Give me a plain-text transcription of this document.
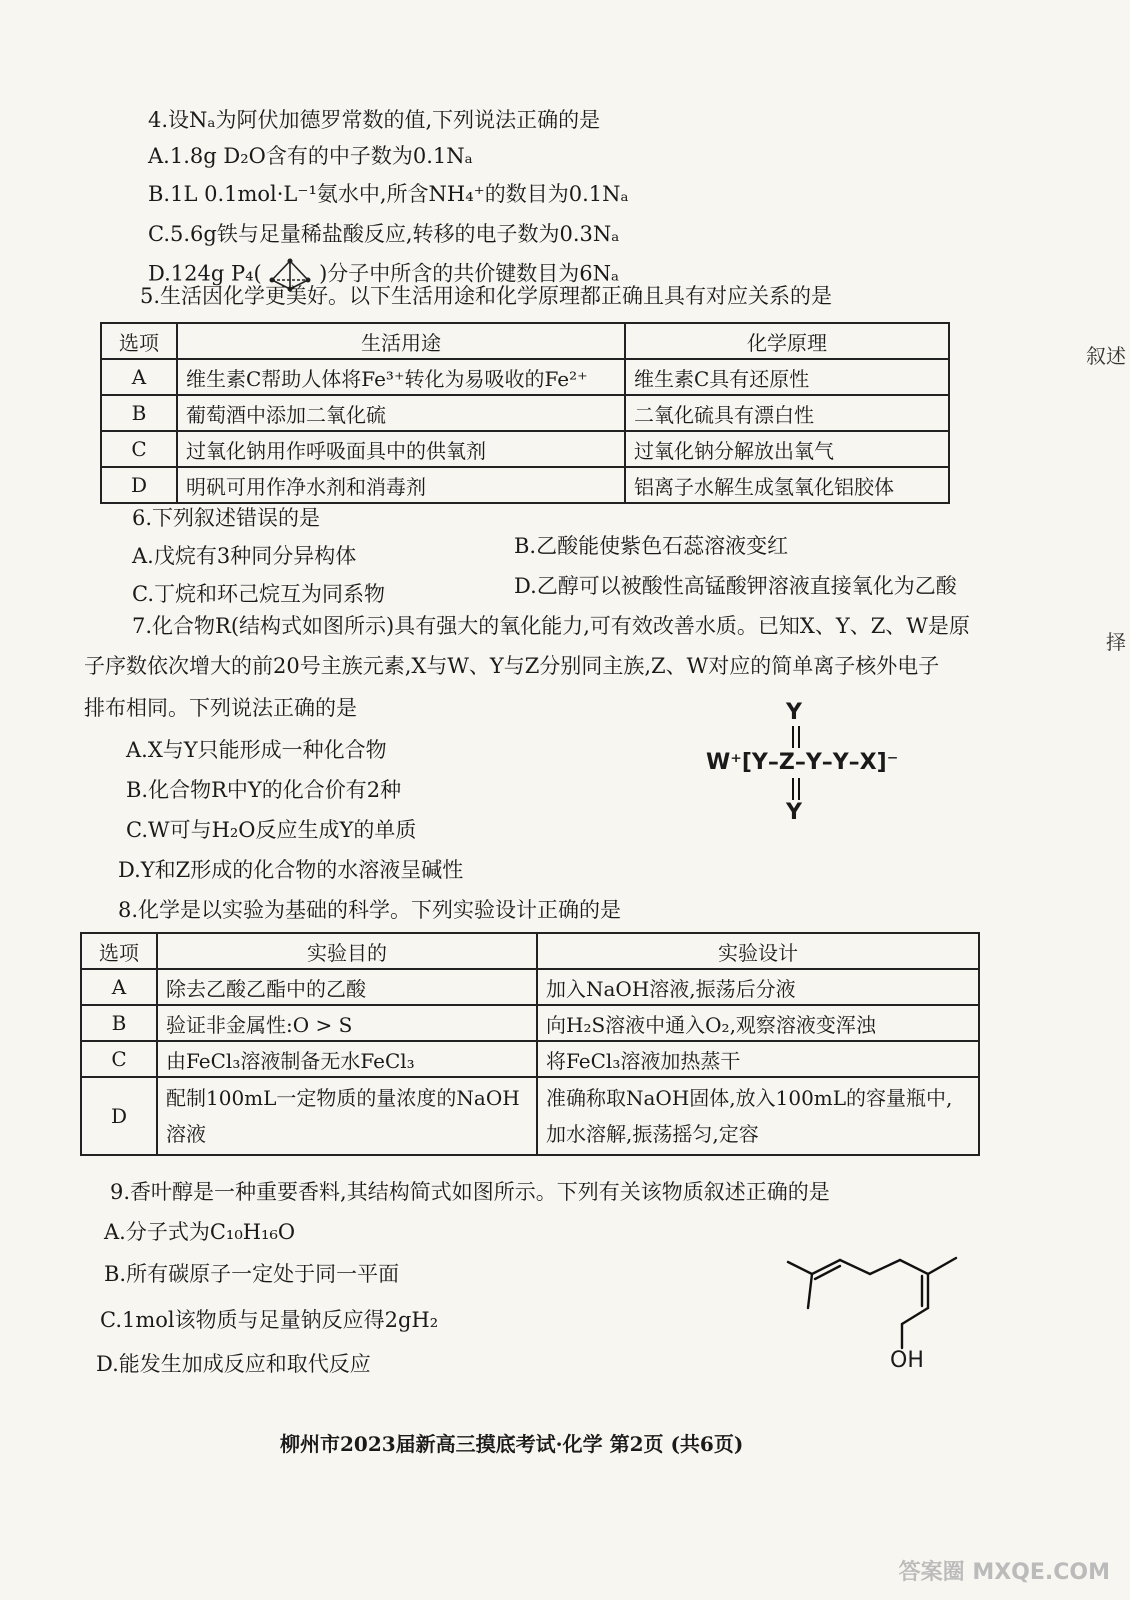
4.设Nₐ为阿伏加德罗常数的值,下列说法正确的是
A.1.8g D₂O含有的中子数为0.1Nₐ
B.1L 0.1mol·L⁻¹氨水中,所含NH₄⁺的数目为0.1Nₐ
C.5.6g铁与足量稀盐酸反应,转移的电子数为0.3Nₐ
D.124g P₄(	)分子中所含的共价键数目为6Nₐ
5.生活因化学更美好。以下生活用途和化学原理都正确且具有对应关系的是
选项	生活用途	化学原理
A	维生素C帮助人体将Fe³⁺转化为易吸收的Fe²⁺	维生素C具有还原性
B	葡萄酒中添加二氧化硫	二氧化硫具有漂白性
C	过氧化钠用作呼吸面具中的供氧剂	过氧化钠分解放出氧气
D	明矾可用作净水剂和消毒剂	铝离子水解生成氢氧化铝胶体
6.下列叙述错误的是
A.戊烷有3种同分异构体	B.乙酸能使紫色石蕊溶液变红
C.丁烷和环己烷互为同系物	D.乙醇可以被酸性高锰酸钾溶液直接氧化为乙酸
7.化合物R(结构式如图所示)具有强大的氧化能力,可有效改善水质。已知X、Y、Z、W是原
子序数依次增大的前20号主族元素,X与W、Y与Z分别同主族,Z、W对应的简单离子核外电子
排布相同。下列说法正确的是
A.X与Y只能形成一种化合物
B.化合物R中Y的化合价有2种
C.W可与H₂O反应生成Y的单质
D.Y和Z形成的化合物的水溶液呈碱性
Y
W⁺[Y–Z–Y–Y–X]⁻
Y
8.化学是以实验为基础的科学。下列实验设计正确的是
选项	实验目的	实验设计
A	除去乙酸乙酯中的乙酸	加入NaOH溶液,振荡后分液
B	验证非金属性:O > S	向H₂S溶液中通入O₂,观察溶液变浑浊
C	由FeCl₃溶液制备无水FeCl₃	将FeCl₃溶液加热蒸干
D	配制100mL一定物质的量浓度的NaOH溶液	准确称取NaOH固体,放入100mL的容量瓶中,加水溶解,振荡摇匀,定容
9.香叶醇是一种重要香料,其结构简式如图所示。下列有关该物质叙述正确的是
A.分子式为C₁₀H₁₆O
B.所有碳原子一定处于同一平面
C.1mol该物质与足量钠反应得2gH₂
D.能发生加成反应和取代反应	OH
柳州市2023届新高三摸底考试·化学 第2页 (共6页)
叙述
择
答案圈 MXQE.COM
